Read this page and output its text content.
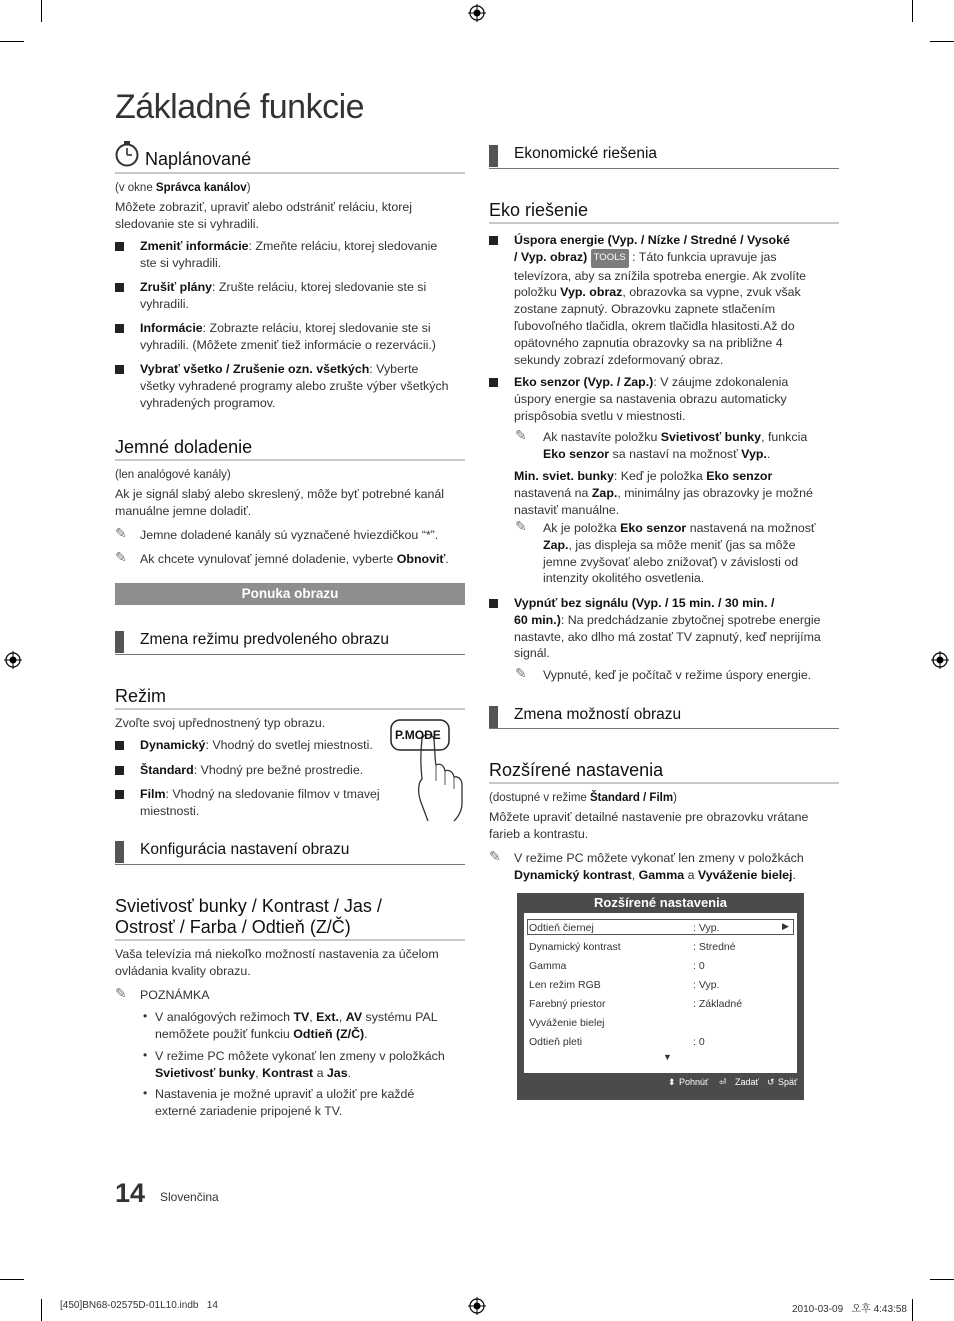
Základné funkcie
Naplánované
(v okne Správca kanálov)
Môžete zobraziť, upraviť alebo odstrániť reláciu, ktorej
sledovanie ste si vyhradili.
Zmeniť informácie: Zmeňte reláciu, ktorej sledovanie
ste si vyhradili.
Zrušiť plány: Zrušte reláciu, ktorej sledovanie ste si
vyhradili.
Informácie: Zobrazte reláciu, ktorej sledovanie ste si
vyhradili. (Môžete zmeniť tiež informácie o rezervácii.)
Vybrať všetko / Zrušenie ozn. všetkých: Vyberte
všetky vyhradené programy alebo zrušte výber všetkých
vyhradených programov.
Jemné doladenie
(len analógové kanály)
Ak je signál slabý alebo skreslený, môže byť potrebné kanál
manuálne jemne doladiť.
✎ Jemne doladené kanály sú vyznačené hviezdičkou “*”.
✎ Ak chcete vynulovať jemné doladenie, vyberte Obnoviť.
Ponuka obrazu
Zmena režimu predvoleného obrazu
Režim
Zvoľte svoj upřednostnený typ obrazu.
Dynamický: Vhodný do svetlej miestnosti.
Štandard: Vhodný pre bežné prostredie.
Film: Vhodný na sledovanie filmov v tmavej
miestnosti.
P.MODE
Konfigurácia nastavení obrazu
Svietivosť bunky / Kontrast / Jas /
Ostrosť / Farba / Odtieň (Z/Č)
Vaša televízia má niekoľko možností nastavenia za účelom
ovládania kvality obrazu.
✎ POZNÁMKA
• V analógových režimoch TV, Ext., AV systému PAL
nemôžete použiť funkciu Odtieň (Z/Č).
• V režime PC môžete vykonať len zmeny v položkách
Svietivosť bunky, Kontrast a Jas.
• Nastavenia je možné upraviť a uložiť pre každé
externé zariadenie pripojené k TV.
Ekonomické riešenia
Eko riešenie
Úspora energie (Vyp. / Nízke / Stredné / Vysoké
/ Vyp. obraz) TOOLS : Táto funkcia upravuje jas
televízora, aby sa znížila spotreba energie. Ak zvolíte
položku Vyp. obraz, obrazovka sa vypne, zvuk však
zostane zapnutý. Obrazovku zapnete stlačením
ľubovoľného tlačidla, okrem tlačidla hlasitosti.Až do
opätovného zapnutia obrazovky sa na približne 4
sekundy zobrazí zdeformovaný obraz.
Eko senzor (Vyp. / Zap.): V záujme zdokonalenia
úspory energie sa nastavenia obrazu automaticky
prispôsobia svetlu v miestnosti.
✎ Ak nastavíte položku Svietivosť bunky, funkcia
Eko senzor sa nastaví na možnosť Vyp..
Min. sviet. bunky: Keď je položka Eko senzor
nastavená na Zap., minimálny jas obrazovky je možné
nastaviť manuálne.
✎ Ak je položka Eko senzor nastavená na možnosť
Zap., jas displeja sa môže meniť (jas sa môže
jemne zvyšovať alebo znižovať) v závislosti od
intenzity okolitého osvetlenia.
Vypnúť bez signálu (Vyp. / 15 min. / 30 min. /
60 min.): Na predchádzanie zbytočnej spotrebe energie
nastavte, ako dlho má zostať TV zapnutý, keď neprijíma
signál.
✎ Vypnuté, keď je počítač v režime úspory energie.
Zmena možností obrazu
Rozšírené nastavenia
(dostupné v režime Štandard / Film)
Môžete upraviť detailné nastavenie pre obrazovku vrátane
farieb a kontrastu.
✎ V režime PC môžete vykonať len zmeny v položkách
Dynamický kontrast, Gamma a Vyváženie bielej.
Rozšírené nastavenia
Odtieň čiernej	: Vyp.	▶
Dynamický kontrast	: Stredné
Gamma	: 0
Len režim RGB	: Vyp.
Farebný priestor	: Základné
Vyváženie bielej
Odtieň pleti	: 0
▼
⬍ Pohnúť ⏎ Zadať ↺ Späť
14 Slovenčina
[450]BN68-02575D-01L10.indb   14	2010-03-09   오후 4:43:58
